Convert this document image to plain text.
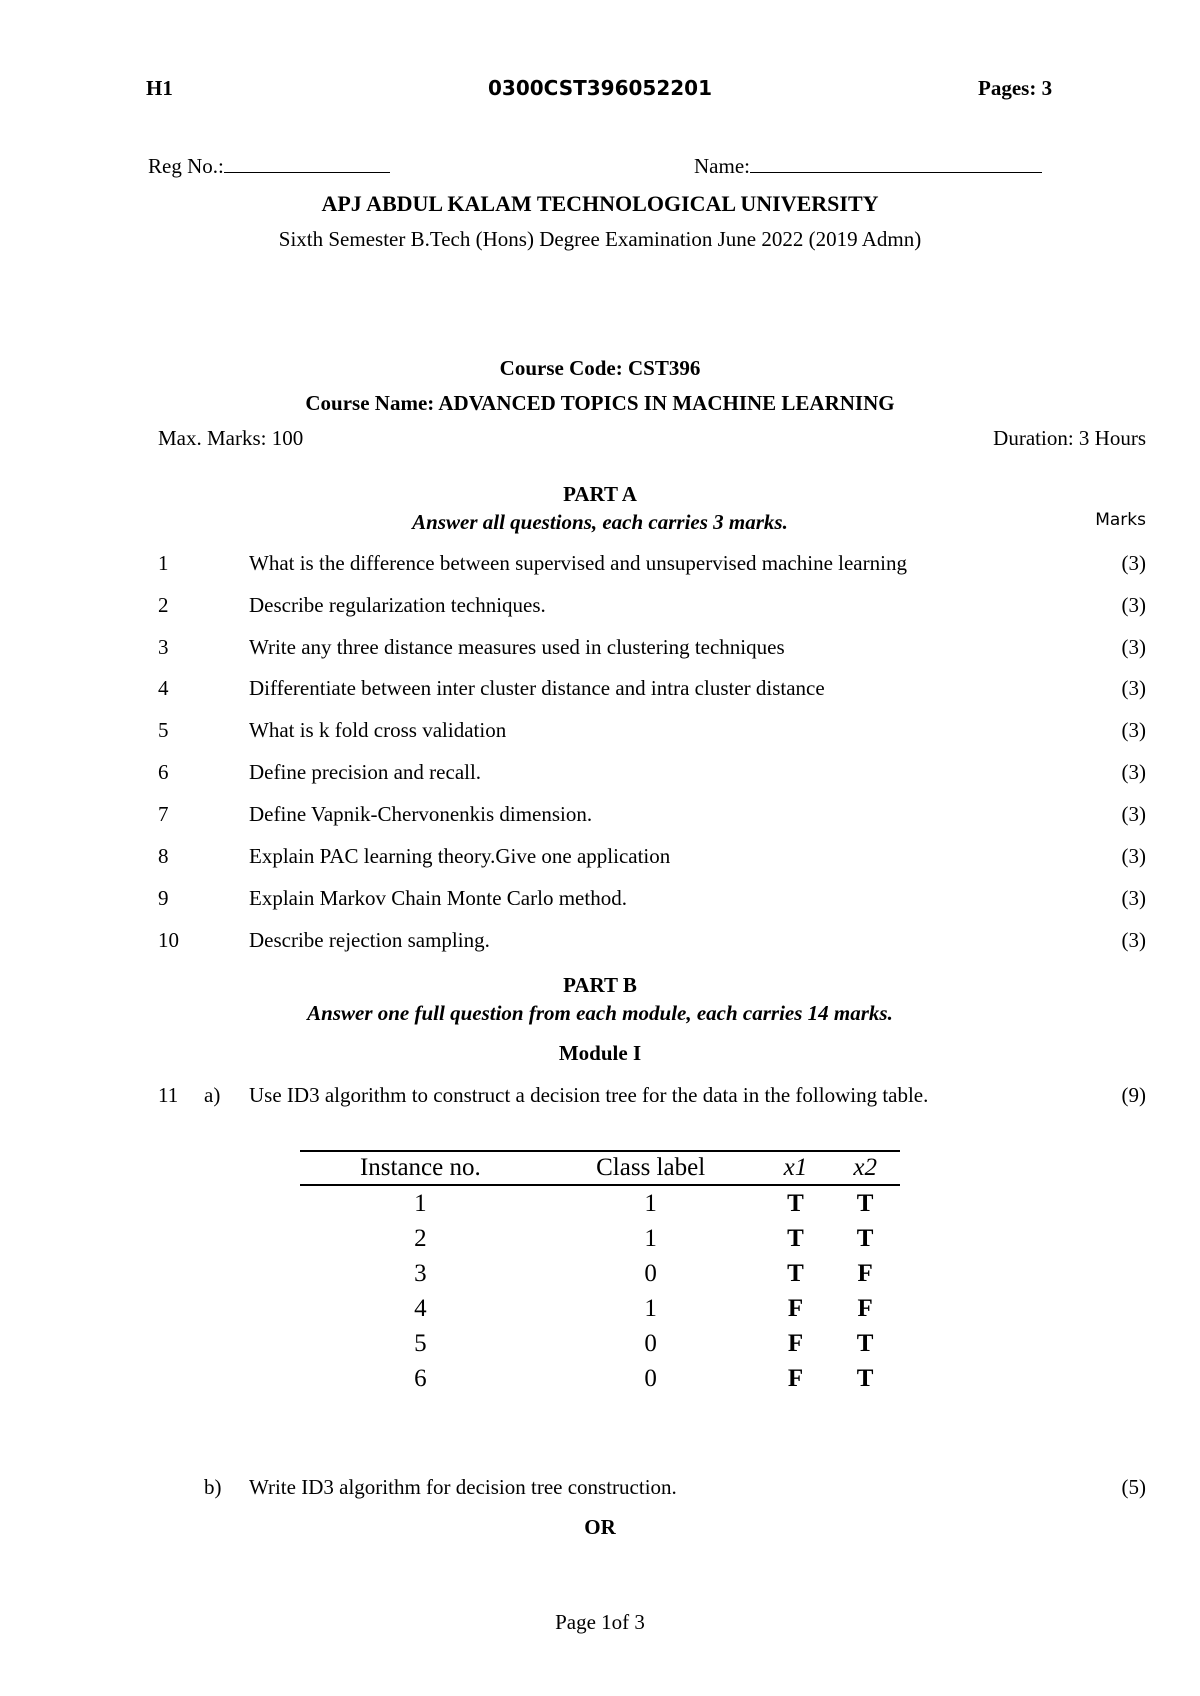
H1	0300CST396052201	Pages: 3
Reg No.:	Name:
APJ ABDUL KALAM TECHNOLOGICAL UNIVERSITY
Sixth Semester B.Tech (Hons) Degree Examination June 2022 (2019 Admn)
Course Code: CST396
Course Name: ADVANCED TOPICS IN MACHINE LEARNING
Max. Marks: 100	Duration: 3 Hours
PART A
Answer all questions, each carries 3 marks.	Marks
1	What is the difference between supervised and unsupervised machine learning	(3)
2	Describe regularization techniques.	(3)
3	Write any three distance measures used in clustering techniques	(3)
4	Differentiate between inter cluster distance and intra cluster distance	(3)
5	What is k fold cross validation	(3)
6	Define precision and recall.	(3)
7	Define Vapnik-Chervonenkis dimension.	(3)
8	Explain PAC learning theory.Give one application	(3)
9	Explain Markov Chain Monte Carlo method.	(3)
10	Describe rejection sampling.	(3)
PART B
Answer one full question from each module, each carries 14 marks.
Module I
11 a) Use ID3 algorithm to construct a decision tree for the data in the following table.	(9)
Instance no.	Class label	x1	x2
1	1	T	T
2	1	T	T
3	0	T	F
4	1	F	F
5	0	F	T
6	0	F	T
b) Write ID3 algorithm for decision tree construction.	(5)
OR
Page 1of 3
